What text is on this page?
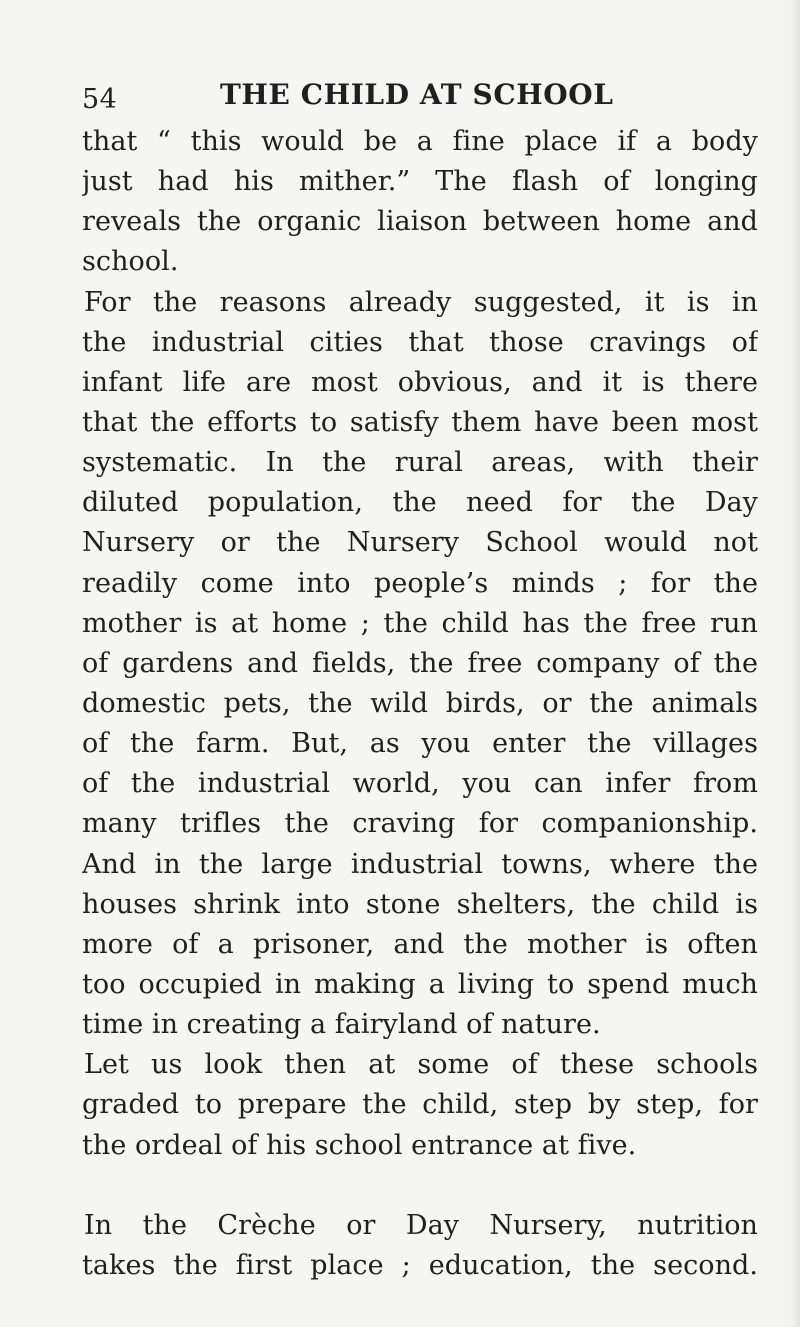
54	THE CHILD AT SCHOOL
that “ this would be a fine place if a body
just had his mither.” The flash of longing
reveals the organic liaison between home and
school.
For the reasons already suggested, it is in
the industrial cities that those cravings of
infant life are most obvious, and it is there
that the efforts to satisfy them have been most
systematic. In the rural areas, with their
diluted population, the need for the Day
Nursery or the Nursery School would not
readily come into people’s minds ; for the
mother is at home ; the child has the free run
of gardens and fields, the free company of the
domestic pets, the wild birds, or the animals
of the farm. But, as you enter the villages
of the industrial world, you can infer from
many trifles the craving for companionship.
And in the large industrial towns, where the
houses shrink into stone shelters, the child is
more of a prisoner, and the mother is often
too occupied in making a living to spend much
time in creating a fairyland of nature.
Let us look then at some of these schools
graded to prepare the child, step by step, for
the ordeal of his school entrance at five.
In the Crèche or Day Nursery, nutrition
takes the first place ; education, the second.
